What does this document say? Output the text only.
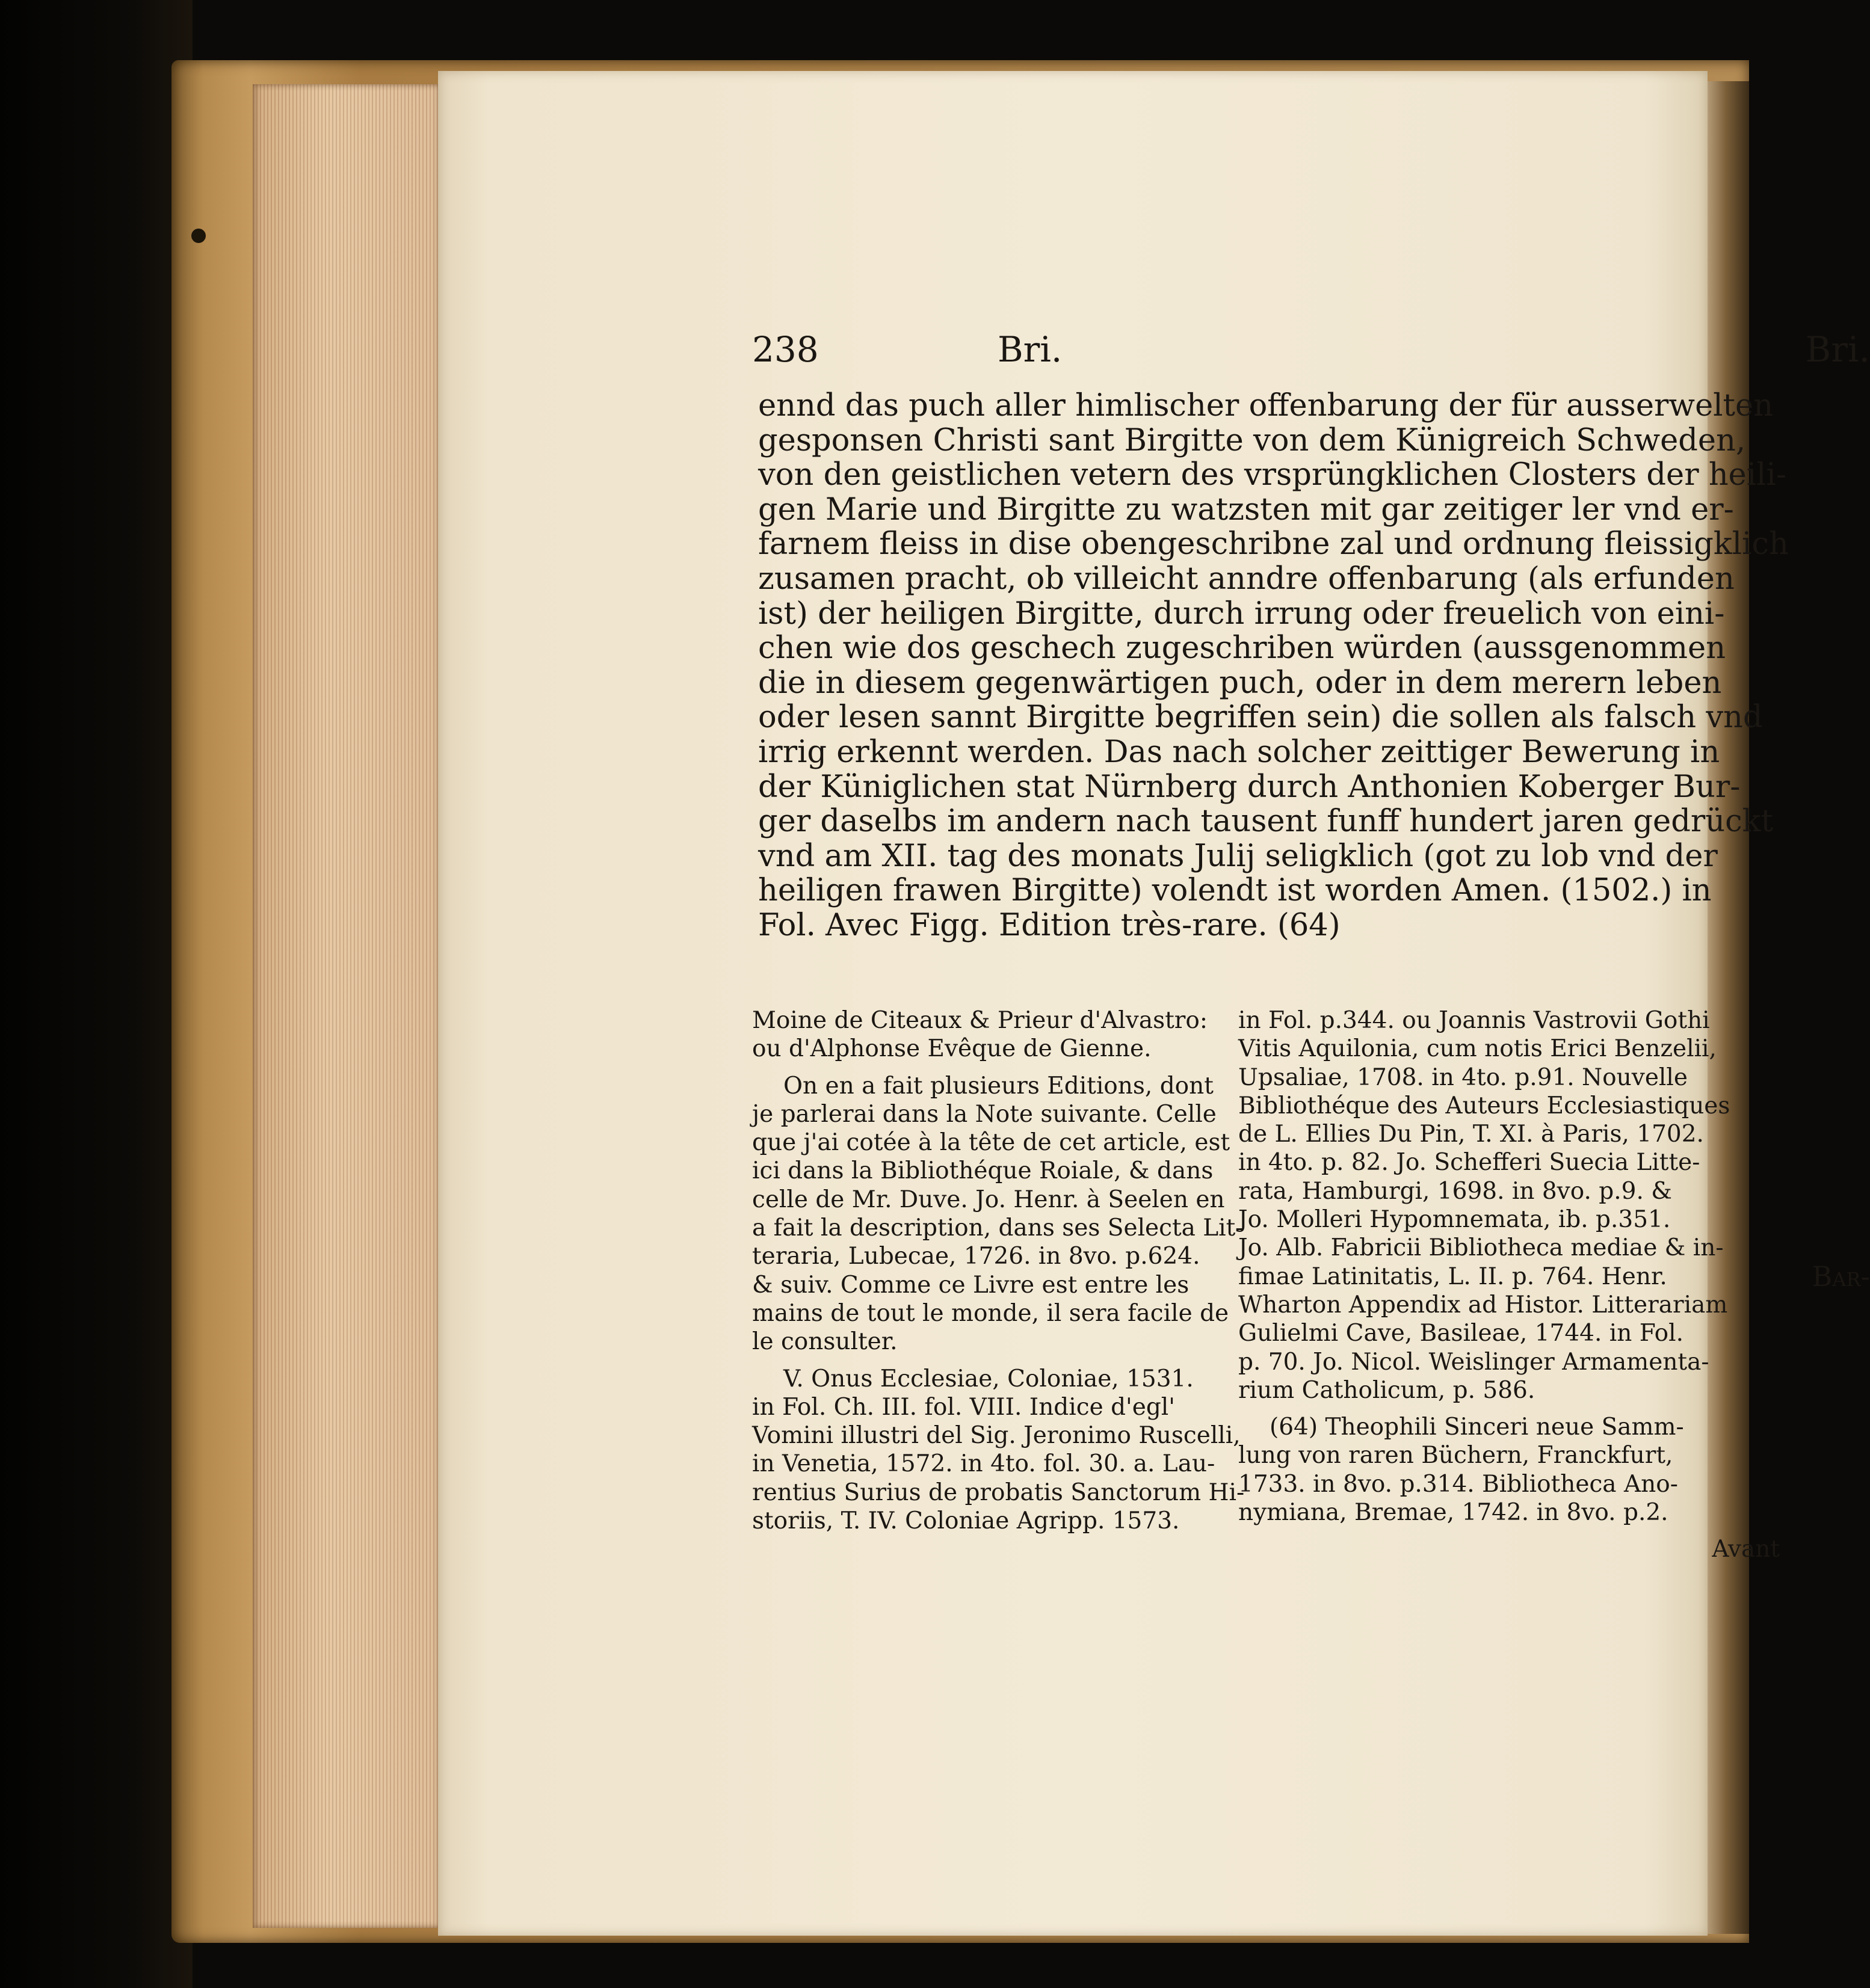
238	Bri.	Bri.
ennd das puch aller himlischer offenbarung der für ausserwelten
gesponsen Christi sant Birgitte von dem Künigreich Schweden,
von den geistlichen vetern des vrsprüngklichen Closters der heili-
gen Marie und Birgitte zu watzsten mit gar zeitiger ler vnd er-
farnem fleiss in dise obengeschribne zal und ordnung fleissigklich
zusamen pracht, ob villeicht anndre offenbarung (als erfunden
ist) der heiligen Birgitte, durch irrung oder freuelich von eini-
chen wie dos geschech zugeschriben würden (aussgenommen
die in diesem gegenwärtigen puch, oder in dem merern leben
oder lesen sannt Birgitte begriffen sein) die sollen als falsch vnd
irrig erkennt werden. Das nach solcher zeittiger Bewerung in
der Küniglichen stat Nürnberg durch Anthonien Koberger Bur-
ger daselbs im andern nach tausent funff hundert jaren gedrückt
vnd am XII. tag des monats Julij seligklich (got zu lob vnd der
heiligen frawen Birgitte) volendt ist worden Amen. (1502.) in
Fol. Avec Figg. Edition très-rare. (64)
Bar-

Moine de Citeaux & Prieur d'Alvastro:
ou d'Alphonse Evêque de Gienne.

On en a fait plusieurs Editions, dont
je parlerai dans la Note suivante. Celle
que j'ai cotée à la tête de cet article, est
ici dans la Bibliothéque Roiale, & dans
celle de Mr. Duve. Jo. Henr. à Seelen en
a fait la description, dans ses Selecta Lit-
teraria, Lubecae, 1726. in 8vo. p.624.
& suiv. Comme ce Livre est entre les
mains de tout le monde, il sera facile de
le consulter.

V. Onus Ecclesiae, Coloniae, 1531.
in Fol. Ch. III. fol. VIII. Indice d'egl'
Vomini illustri del Sig. Jeronimo Ruscelli,
in Venetia, 1572. in 4to. fol. 30. a. Lau-
rentius Surius de probatis Sanctorum Hi-
storiis, T. IV. Coloniae Agripp. 1573.

in Fol. p.344. ou Joannis Vastrovii Gothi
Vitis Aquilonia, cum notis Erici Benzelii,
Upsaliae, 1708. in 4to. p.91. Nouvelle
Bibliothéque des Auteurs Ecclesiastiques
de L. Ellies Du Pin, T. XI. à Paris, 1702.
in 4to. p. 82. Jo. Schefferi Suecia Litte-
rata, Hamburgi, 1698. in 8vo. p.9. &
Jo. Molleri Hypomnemata, ib. p.351.
Jo. Alb. Fabricii Bibliotheca mediae & in-
fimae Latinitatis, L. II. p. 764. Henr.
Wharton Appendix ad Histor. Litterariam
Gulielmi Cave, Basileae, 1744. in Fol.
p. 70. Jo. Nicol. Weislinger Armamenta-
rium Catholicum, p. 586.

(64) Theophili Sinceri neue Samm-
lung von raren Büchern, Franckfurt,
1733. in 8vo. p.314. Bibliotheca Ano-
nymiana, Bremae, 1742. in 8vo. p.2.

Avant
